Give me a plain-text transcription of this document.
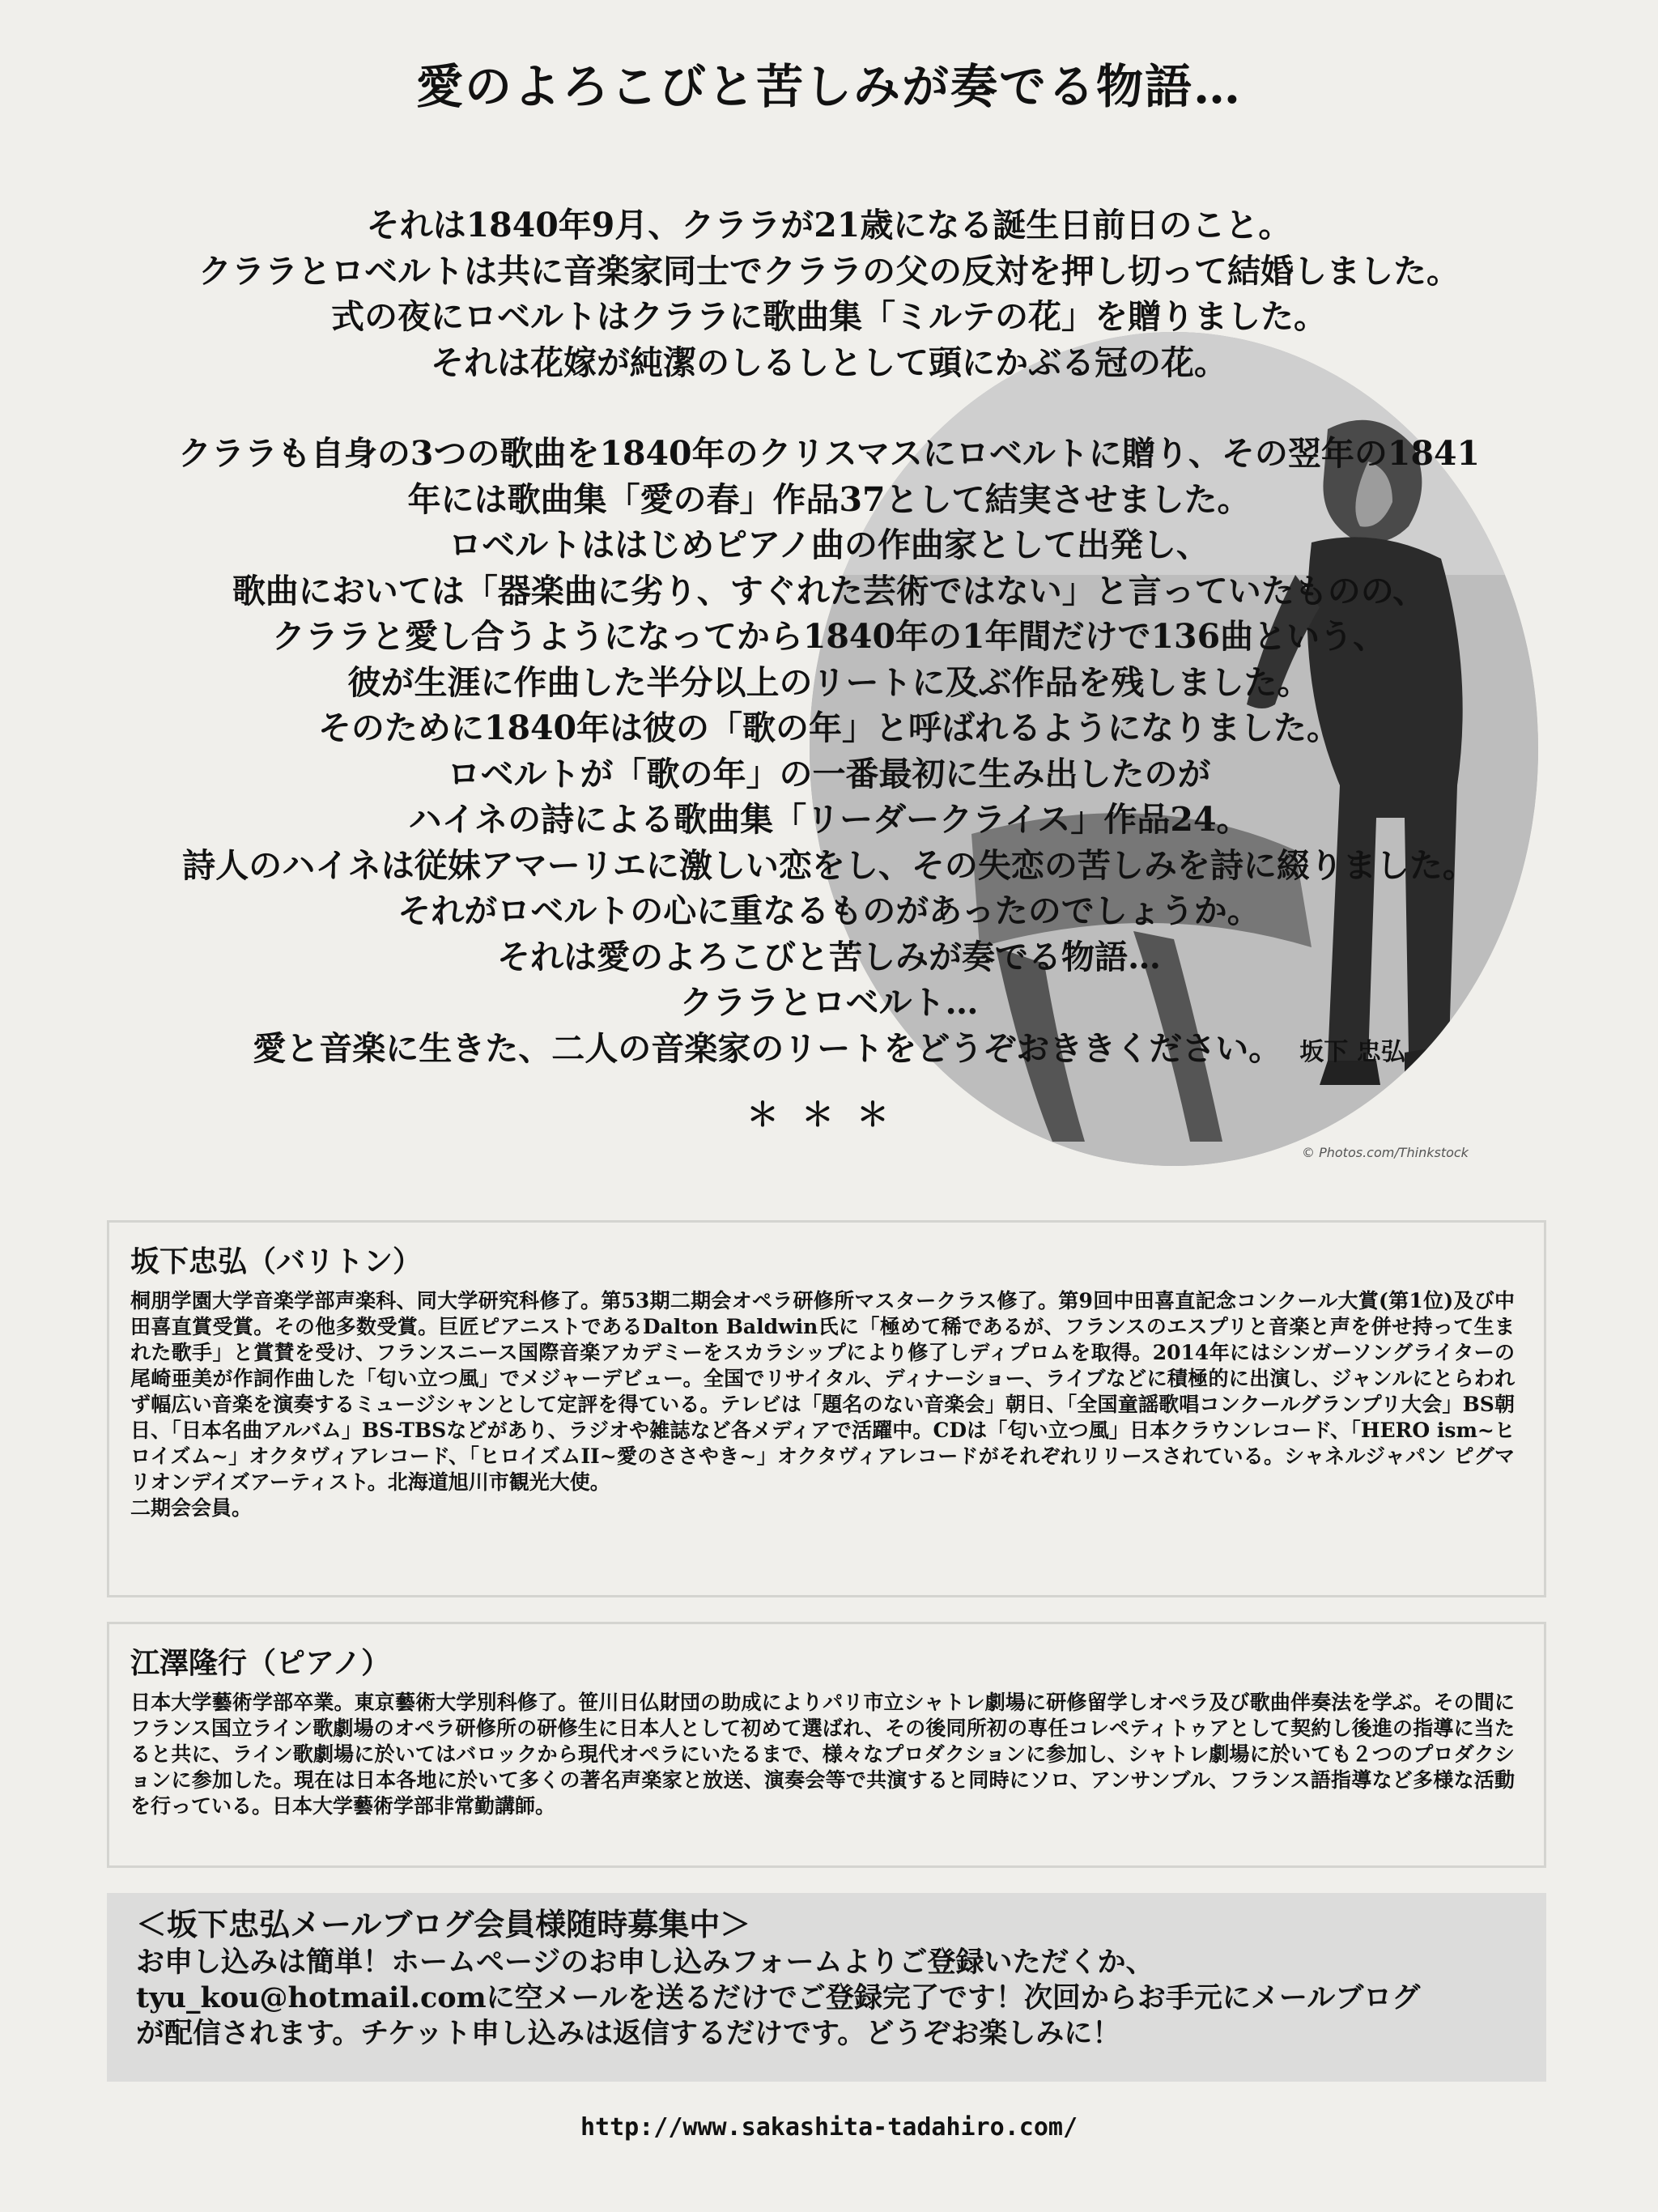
© Photos.com/Thinkstock
愛のよろこびと苦しみが奏でる物語…
それは1840年9月、クララが21歳になる誕生日前日のこと。
クララとロベルトは共に音楽家同士でクララの父の反対を押し切って結婚しました。
式の夜にロベルトはクララに歌曲集「ミルテの花」を贈りました。
それは花嫁が純潔のしるしとして頭にかぶる冠の花。
クララも自身の3つの歌曲を1840年のクリスマスにロベルトに贈り、その翌年の1841
年には歌曲集「愛の春」作品37として結実させました。
ロベルトははじめピアノ曲の作曲家として出発し、
歌曲においては「器楽曲に劣り、すぐれた芸術ではない」と言っていたものの、
クララと愛し合うようになってから1840年の1年間だけで136曲という、
彼が生涯に作曲した半分以上のリートに及ぶ作品を残しました。
そのために1840年は彼の「歌の年」と呼ばれるようになりました。
ロベルトが「歌の年」の一番最初に生み出したのが
ハイネの詩による歌曲集「リーダークライス」作品24。
詩人のハイネは従妹アマーリエに激しい恋をし、その失恋の苦しみを詩に綴りました。
それがロベルトの心に重なるものがあったのでしょうか。
それは愛のよろこびと苦しみが奏でる物語…
クララとロベルト…
愛と音楽に生きた、二人の音楽家のリートをどうぞおききください。 坂下 忠弘
＊＊＊
坂下忠弘（バリトン）

桐朋学園大学音楽学部声楽科、同大学研究科修了。第53期二期会オペラ研修所マスタークラス修了。第9回中田喜直記念コンクール大賞(第1位)及び中田喜直賞受賞。その他多数受賞。巨匠ピアニストであるDalton Baldwin氏に「極めて稀であるが、フランスのエスプリと音楽と声を併せ持って生まれた歌手」と賞賛を受け、フランスニース国際音楽アカデミーをスカラシップにより修了しディプロムを取得。2014年にはシンガーソングライターの尾崎亜美が作詞作曲した「匂い立つ風」でメジャーデビュー。全国でリサイタル、ディナーショー、ライブなどに積極的に出演し、ジャンルにとらわれず幅広い音楽を演奏するミュージシャンとして定評を得ている。テレビは「題名のない音楽会」朝日、「全国童謡歌唱コンクールグランプリ大会」BS朝日、「日本名曲アルバム」BS-TBSなどがあり、ラジオや雑誌など各メディアで活躍中。CDは「匂い立つ風」日本クラウンレコード、「HERO ism~ヒロイズム~」オクタヴィアレコード、「ヒロイズムII~愛のささやき~」オクタヴィアレコードがそれぞれリリースされている。シャネルジャパン ピグマリオンデイズアーティスト。北海道旭川市観光大使。

二期会会員。

江澤隆行（ピアノ）

日本大学藝術学部卒業。東京藝術大学別科修了。笹川日仏財団の助成によりパリ市立シャトレ劇場に研修留学しオペラ及び歌曲伴奏法を学ぶ。その間にフランス国立ライン歌劇場のオペラ研修所の研修生に日本人として初めて選ばれ、その後同所初の専任コレペティトゥアとして契約し後進の指導に当たると共に、ライン歌劇場に於いてはバロックから現代オペラにいたるまで、様々なプロダクションに参加し、シャトレ劇場に於いても２つのプロダクションに参加した。現在は日本各地に於いて多くの著名声楽家と放送、演奏会等で共演すると同時にソロ、アンサンブル、フランス語指導など多様な活動を行っている。日本大学藝術学部非常勤講師。

＜坂下忠弘メールブログ会員様随時募集中＞
お申し込みは簡単！ホームページのお申し込みフォームよりご登録いただくか、
tyu_kou@hotmail.comに空メールを送るだけでご登録完了です！次回からお手元にメールブログ
が配信されます。チケット申し込みは返信するだけです。どうぞお楽しみに！
http://www.sakashita-tadahiro.com/
